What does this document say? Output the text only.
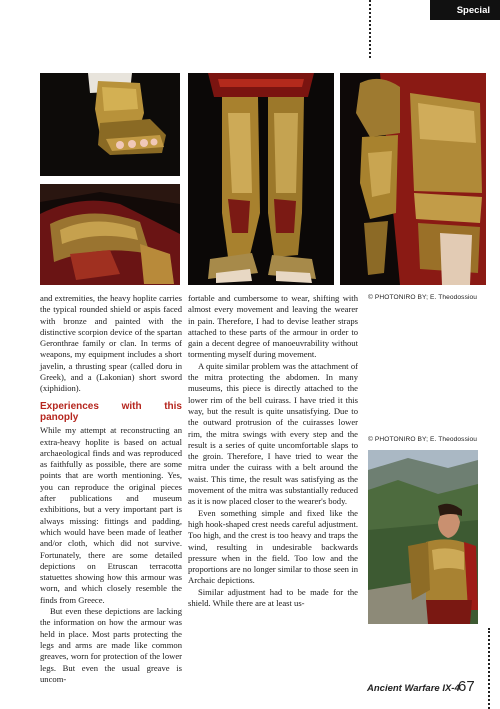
Special

and extremities, the heavy hoplite carries the typical rounded shield or aspis faced with bronze and painted with the distinctive scorpion device of the spartan Geronthrae family or clan. In terms of weapons, my equipment includes a short javelin, a thrusting spear (called doru in Greek), and a (Lakonian) short sword (xiphidion).

Experiences with this panoply

While my attempt at reconstructing an extra-heavy hoplite is based on actual archaeological finds and was reproduced as faithfully as possible, there are some points that are worth mentioning. Yes, you can reproduce the original pieces after publications and museum exhibitions, but a very important part is always missing: fittings and padding, which would have been made of leather and/or cloth, which did not survive. Fortunately, there are some detailed depictions on Etruscan terracotta statuettes showing how this armour was worn, and which closely resemble the finds from Greece.

But even these depictions are lacking the information on how the armour was held in place. Most parts protecting the legs and arms are made like common greaves, worn for protection of the lower legs. But even the usual greave is uncom-

fortable and cumbersome to wear, shifting with almost every movement and leaving the wearer in pain. Therefore, I had to devise leather straps attached to these parts of the armour in order to gain a decent degree of manoeuvrability without tormenting myself during movement.

A quite similar problem was the attachment of the mitra protecting the abdomen. In many museums, this piece is directly attached to the lower rim of the bell cuirass. I have tried it this way, but the result is quite unsatisfying. Due to the outward protrusion of the cuirasses lower rim, the mitra swings with every step and the result is a series of quite uncomfortable slaps to the groin. Therefore, I have tried to wear the mitra under the cuirass with a belt around the waist. This time, the result was satisfying as the movement of the mitra was substantially reduced as it is now placed closer to the wearer's body.

Even something simple and fixed like the high hook-shaped crest needs careful adjustment. Too high, and the crest is too heavy and traps the wind, resulting in undesirable backwards pressure when in the field. Too low and the proportions are no longer similar to those seen in Archaic depictions.

Similar adjustment had to be made for the shield. While there are at least us-

© PHOTONIRO BY; E. Theodossiou
© PHOTONIRO BY; E. Theodossiou
Ancient Warfare IX-4
67
